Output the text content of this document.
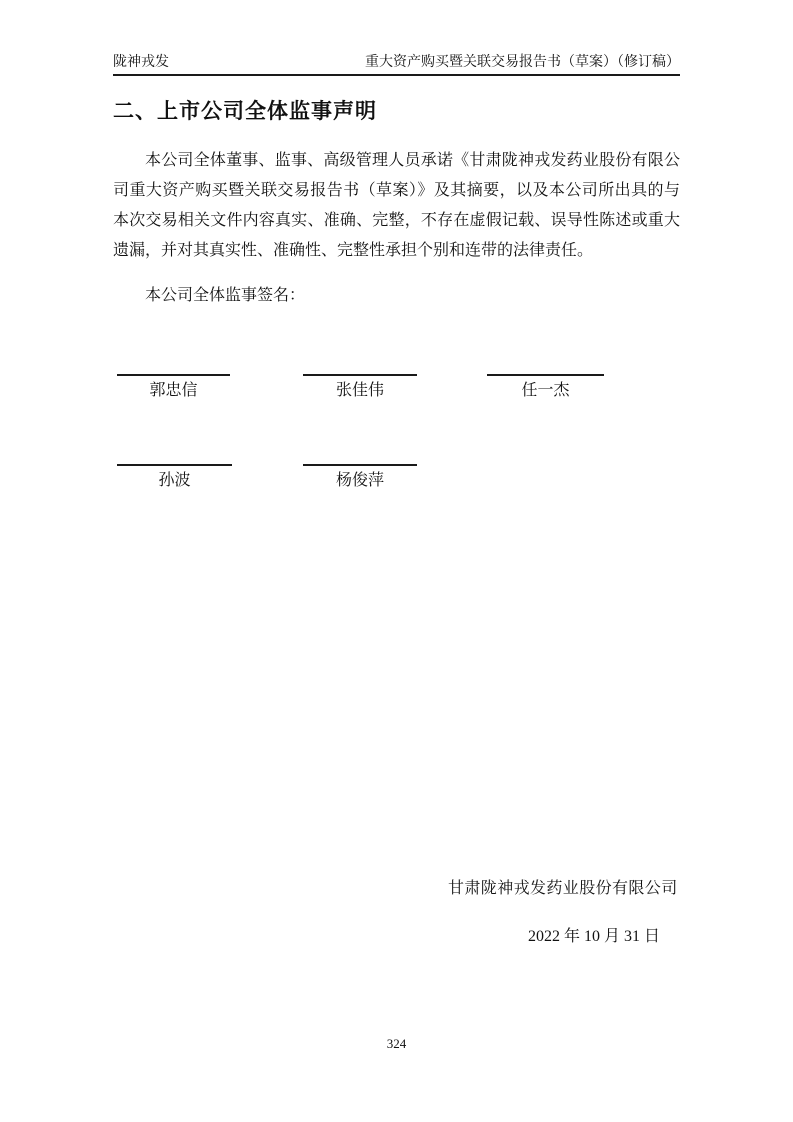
陇神戎发	重大资产购买暨关联交易报告书（草案）（修订稿）
二、上市公司全体监事声明

本公司全体董事、监事、高级管理人员承诺《甘肃陇神戎发药业股份有限公司重大资产购买暨关联交易报告书（草案）》及其摘要，以及本公司所出具的与本次交易相关文件内容真实、准确、完整，不存在虚假记载、误导性陈述或重大遗漏，并对其真实性、准确性、完整性承担个别和连带的法律责任。

本公司全体监事签名：

郭忠信	张佳伟	任一杰
孙波	杨俊萍
甘肃陇神戎发药业股份有限公司
2022 年 10 月 31 日
324
